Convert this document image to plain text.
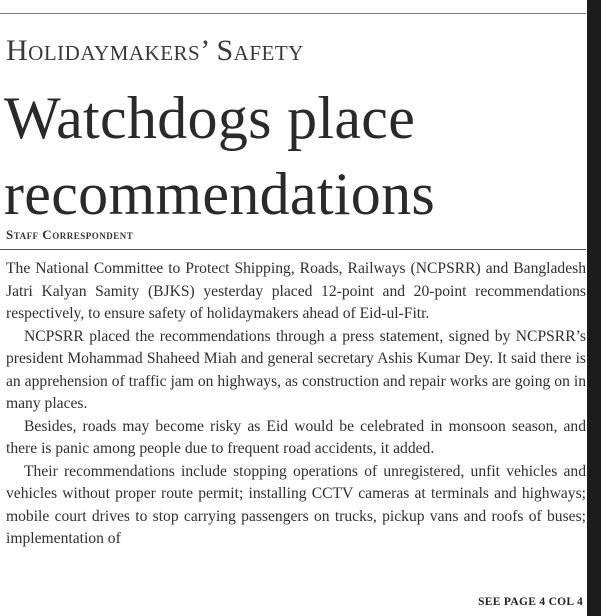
Holidaymakers’ Safety
Watchdogs place
recommendations
Staff Correspondent

The National Committee to Protect Shipping, Roads, Railways (NCPSRR) and Bangladesh Jatri Kalyan Samity (BJKS) yesterday placed 12-point and 20-point recommendations respectively, to ensure safety of holidaymakers ahead of Eid-ul-Fitr.

NCPSRR placed the recommendations through a press statement, signed by NCPSRR’s president Mohammad Shaheed Miah and general secretary Ashis Kumar Dey. It said there is an apprehension of traffic jam on highways, as construction and repair works are going on in many places.

Besides, roads may become risky as Eid would be celebrated in monsoon season, and there is panic among people due to frequent road accidents, it added.

Their recommendations include stopping operations of unregistered, unfit vehicles and vehicles without proper route permit; installing CCTV cameras at terminals and highways; mobile court drives to stop carrying passengers on trucks, pickup vans and roofs of buses; implementation of

SEE PAGE 4 COL 4
